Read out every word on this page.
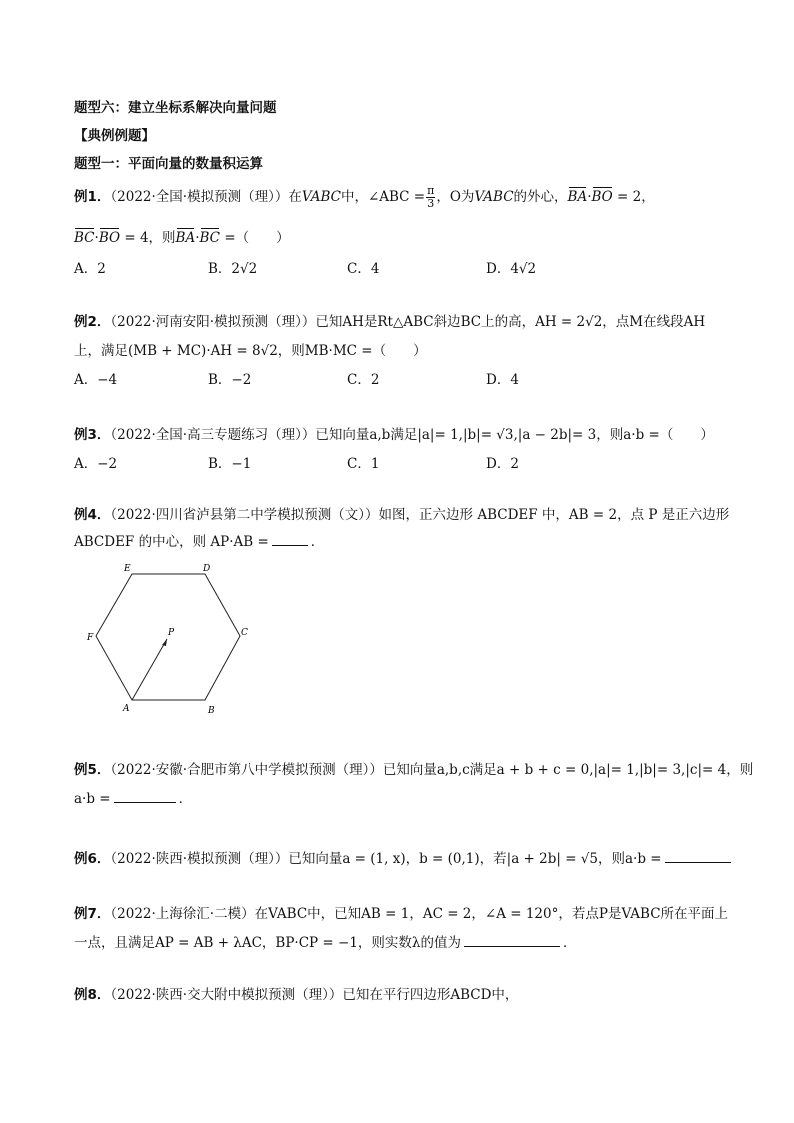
题型六：建立坐标系解决向量问题
【典例例题】
题型一：平面向量的数量积运算
例1．（2022·全国·模拟预测（理））在VABC中，∠ABC = $\frac{\pi}{3}$ ，O为VABC的外心，BA·BO = 2，
BC·BO = 4，则BA·BC =（　　）
A．2	B．2√2	C．4	D．4√2
例2．（2022·河南安阳·模拟预测（理））已知AH是Rt△ABC斜边BC上的高，AH = 2√2，点M在线段AH
上，满足(MB + MC)·AH = 8√2，则MB·MC =（　　）
A．−4	B．−2	C．2	D．4
例3．（2022·全国·高三专题练习（理））已知向量a,b满足|a|= 1,|b|= √3,|a − 2b|= 3，则a·b =（　　）
A．−2	B．−1	C．1	D．2
例4．（2022·四川省泸县第二中学模拟预测（文））如图，正六边形 ABCDEF 中，AB = 2，点 P 是正六边形
ABCDEF 的中心，则 AP·AB =	．
E	D
F	C
P
A	B
例5．（2022·安徽·合肥市第八中学模拟预测（理））已知向量a,b,c满足a + b + c = 0,|a|= 1,|b|= 3,|c|= 4，则
a·b =	．
例6．（2022·陕西·模拟预测（理））已知向量a = (1, x)，b = (0,1)，若|a + 2b| = √5，则a·b =
例7．（2022·上海徐汇·二模）在VABC中，已知AB = 1，AC = 2，∠A = 120°，若点P是VABC所在平面上
一点，且满足AP = AB + λAC，BP·CP = −1，则实数λ的值为	．
例8．（2022·陕西·交大附中模拟预测（理））已知在平行四边形ABCD中，
